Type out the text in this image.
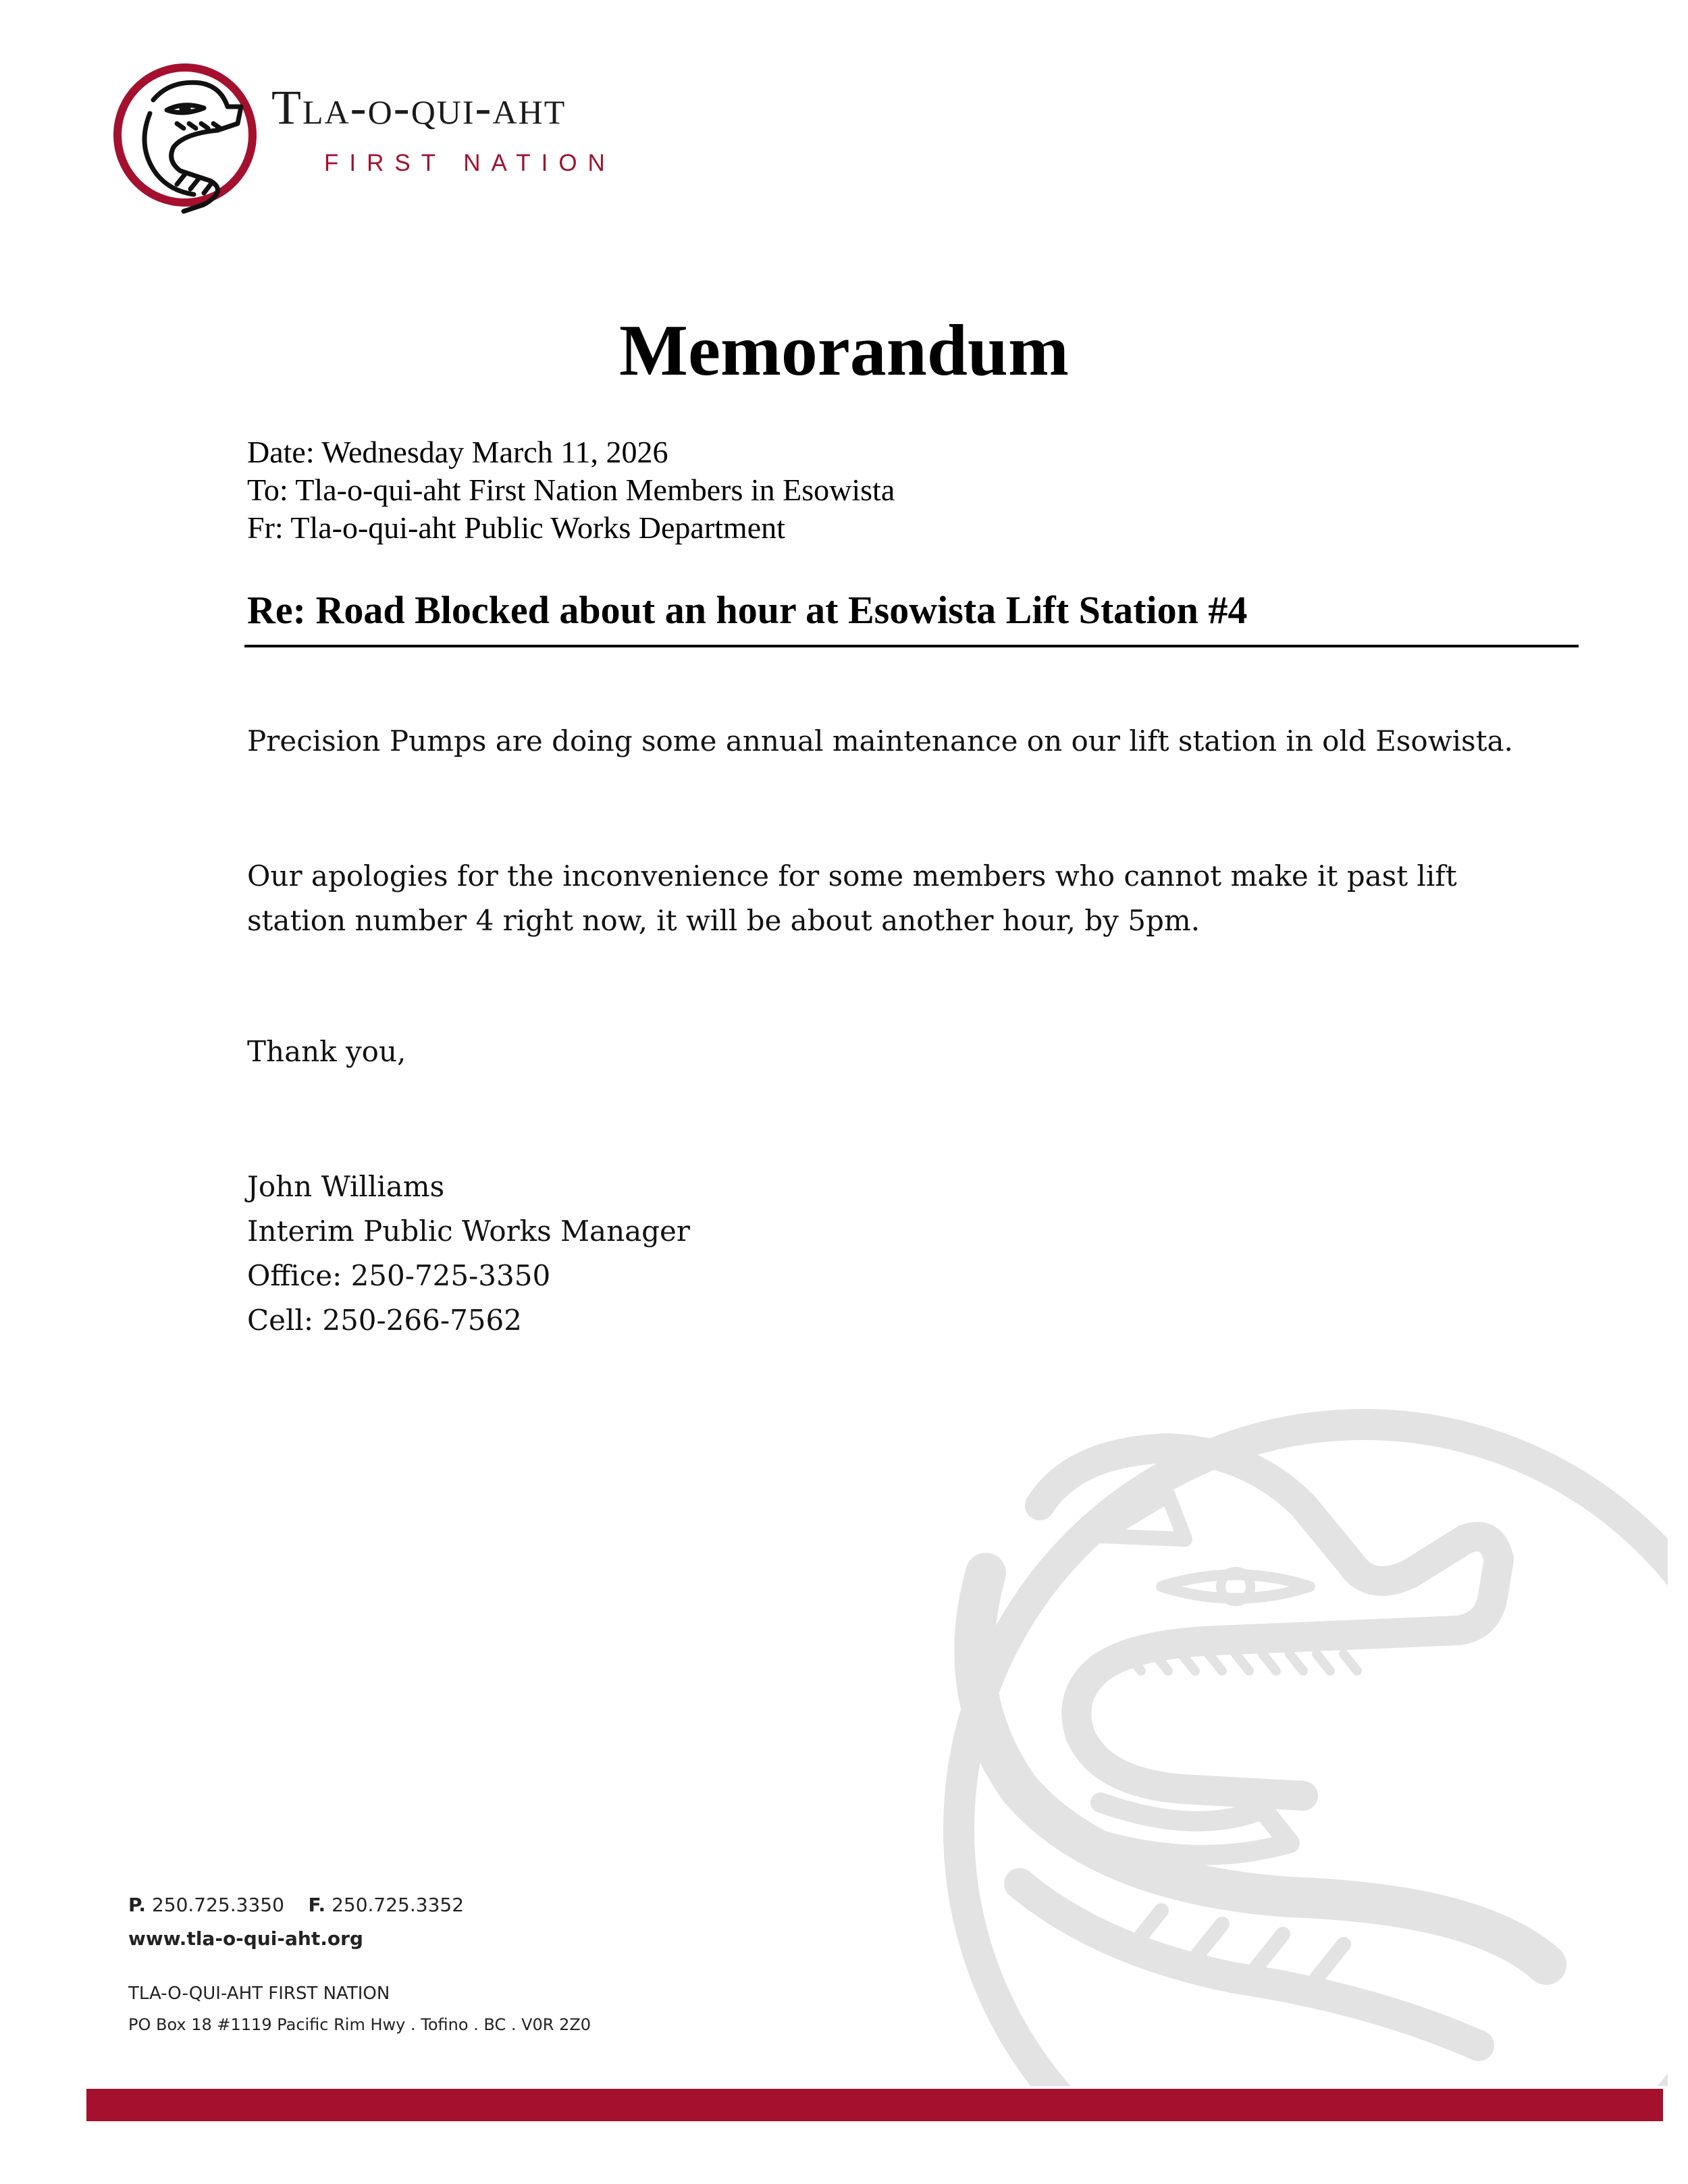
Tla-o-qui-aht
FIRST NATION
Memorandum

Date: Wednesday March 11, 2026

To: Tla-o-qui-aht First Nation Members in Esowista

Fr: Tla-o-qui-aht Public Works Department

Re: Road Blocked about an hour at Esowista Lift Station #4

Precision Pumps are doing some annual maintenance on our lift station in old Esowista.

Our apologies for the inconvenience for some members who cannot make it past lift station number 4 right now, it will be about another hour, by 5pm.

Thank you,

John Williams
Interim Public Works Manager
Office: 250-725-3350
Cell: 250-266-7562
P. 250.725.3350 F. 250.725.3352
www.tla-o-qui-aht.org
TLA-O-QUI-AHT FIRST NATION
PO Box 18 #1119 Pacific Rim Hwy . Tofino . BC . V0R 2Z0
